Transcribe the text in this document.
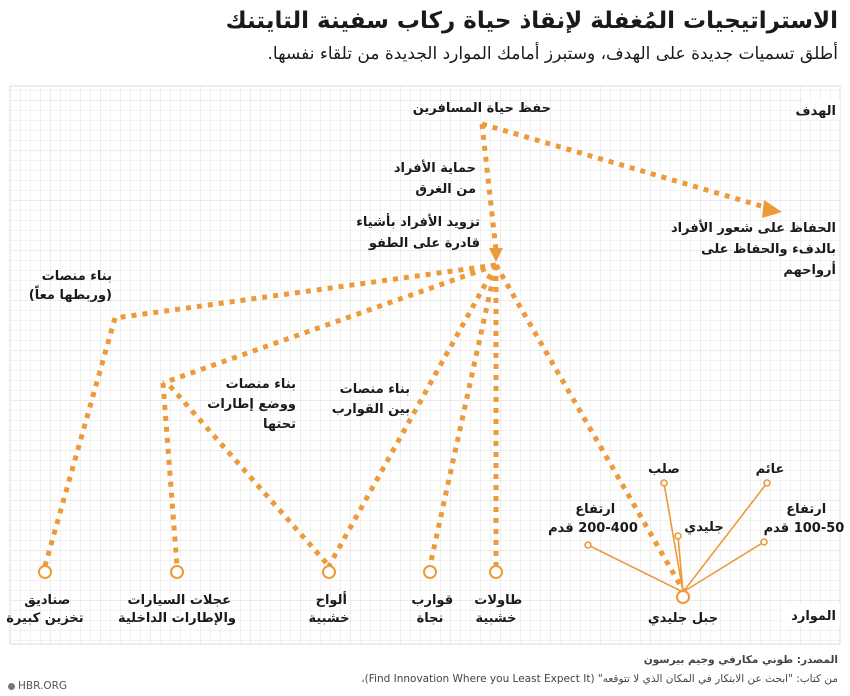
الاستراتيجيات المُغفلة لإنقاذ حياة ركاب سفينة التايتنك

أطلق تسميات جديدة على الهدف، وستبرز أمامك الموارد الجديدة من تلقاء نفسها.

الهدف
الموارد
حفظ حياة المسافرين
حماية الأفراد من الغرق
الحفاظ على شعور الأفراد بالدفء والحفاظ على أرواحهم
تزويد الأفراد بأشياء قادرة على الطفو
بناء منصات (وربطها معاً)
بناء منصات ووضع إطارات تحتها
بناء منصات بين القوارب
صناديق تخزين كبيرة
عجلات السيارات والإطارات الداخلية
ألواح خشبية
قوارب نجاة
طاولات خشبية	جبل جليدي
ارتفاع 200-400 قدم
صلب
جليدي
عائم
ارتفاع 100-50 قدم
المصدر: طوني مكارفي وجيم بيرسون
من كتاب: "ابحث عن الابتكار في المكان الذي لا تتوقعه" (Find Innovation Where you Least Expect It)،
HBR.ORG
